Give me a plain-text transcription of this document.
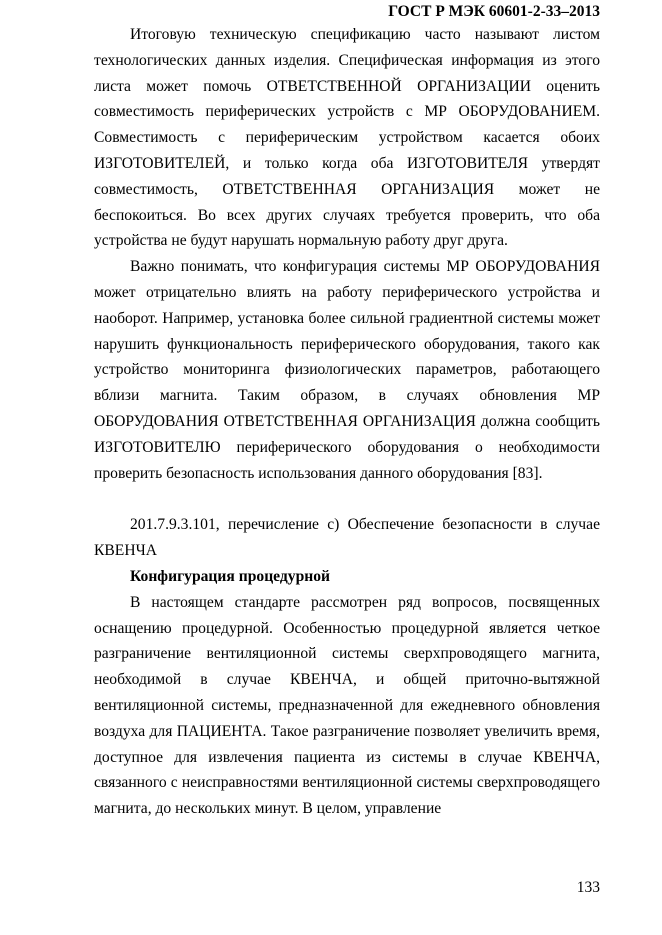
ГОСТ Р МЭК 60601-2-33–2013

Итоговую техническую спецификацию часто называют листом технологических данных изделия. Специфическая информация из этого листа может помочь ОТВЕТСТВЕННОЙ ОРГАНИЗАЦИИ оценить совместимость периферических устройств с МР ОБОРУДОВАНИЕМ. Совместимость с периферическим устройством касается обоих ИЗГОТОВИТЕЛЕЙ, и только когда оба ИЗГОТОВИТЕЛЯ утвердят совместимость, ОТВЕТСТВЕННАЯ ОРГАНИЗАЦИЯ может не беспокоиться. Во всех других случаях требуется проверить, что оба устройства не будут нарушать нормальную работу друг друга.

Важно понимать, что конфигурация системы МР ОБОРУДОВАНИЯ может отрицательно влиять на работу периферического устройства и наоборот. Например, установка более сильной градиентной системы может нарушить функциональность периферического оборудования, такого как устройство мониторинга физиологических параметров, работающего вблизи магнита. Таким образом, в случаях обновления МР ОБОРУДОВАНИЯ ОТВЕТСТВЕННАЯ ОРГАНИЗАЦИЯ должна сообщить ИЗГОТОВИТЕЛЮ периферического оборудования о необходимости проверить безопасность использования данного оборудования [83].

201.7.9.3.101, перечисление с) Обеспечение безопасности в случае КВЕНЧА

Конфигурация процедурной

В настоящем стандарте рассмотрен ряд вопросов, посвященных оснащению процедурной. Особенностью процедурной является четкое разграничение вентиляционной системы сверхпроводящего магнита, необходимой в случае КВЕНЧА, и общей приточно-вытяжной вентиляционной системы, предназначенной для ежедневного обновления воздуха для ПАЦИЕНТА. Такое разграничение позволяет увеличить время, доступное для извлечения пациента из системы в случае КВЕНЧА, связанного с неисправностями вентиляционной системы сверхпроводящего магнита, до нескольких минут. В целом, управление

133
